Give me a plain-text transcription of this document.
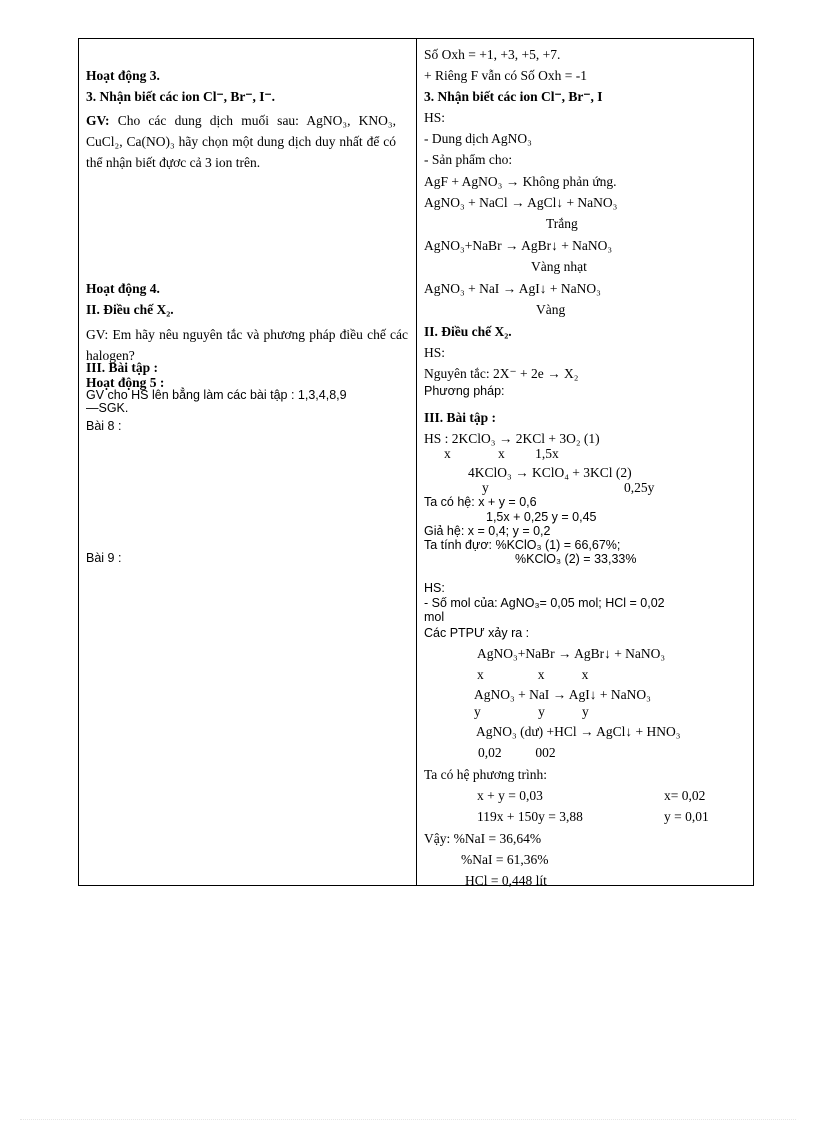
Hoạt động 3.
3. Nhận biết các ion Cl⁻, Br⁻, I⁻.
GV: Cho các dung dịch muối sau: AgNO₃, KNO₃, CuCl₂, Ca(NO)₃ hãy chọn một dung dịch duy nhất để có thể nhận biết đựơc cả 3 ion trên.
Hoạt động 4.
II. Điều chế X₂.
GV: Em hãy nêu nguyên tắc và phương pháp điều chế các halogen?
III. Bài tập :
Hoạt động 5 :
GV cho HS lên bẳng làm các bài tập : 1,3,4,8,9
—SGK.
Bài 8 :
Bài 9 :
Số Oxh = +1, +3, +5, +7.
+ Riêng F vẫn có Số Oxh = -1
3. Nhận biết các ion Cl⁻, Br⁻, I
HS:
- Dung dịch AgNO₃
- Sản phẩm cho:
AgF + AgNO₃ → Không phản ứng.
AgNO₃ + NaCl → AgCl↓ + NaNO₃
Trắng
AgNO₃+NaBr → AgBr↓ + NaNO₃
Vàng nhạt
AgNO₃ + NaI → AgI↓ + NaNO₃
Vàng
II. Điều chế X₂.
HS:
Nguyên tắc: 2X⁻ + 2e → X₂
Phương pháp:
III. Bài tập :
HS : 2KClO₃ → 2KCl + 3O₂ (1)
x              x         1,5x
4KClO₃ → KClO₄ + 3KCl (2)
y	0,25y
Ta có hệ: x + y = 0,6
1,5x + 0,25 y = 0,45
Giả hệ: x = 0,4; y = 0,2
Ta tính đựơ: %KClO₃ (1) = 66,67%;
%KClO₃ (2) = 33,33%
HS:
- Số mol của: AgNO₃= 0,05 mol; HCl = 0,02
mol
Các PTPƯ xảy ra :
AgNO₃+NaBr → AgBr↓ + NaNO₃
x                x           x
AgNO₃ + NaI → AgI↓ + NaNO₃
y                 y           y
AgNO₃ (dư) +HCl → AgCl↓ + HNO₃
0,02          002
Ta có hệ phương trình:
x + y = 0,03	x= 0,02
119x + 150y = 3,88	y = 0,01
Vậy: %NaI = 36,64%
%NaI = 61,36%
HCl = 0,448 lít
